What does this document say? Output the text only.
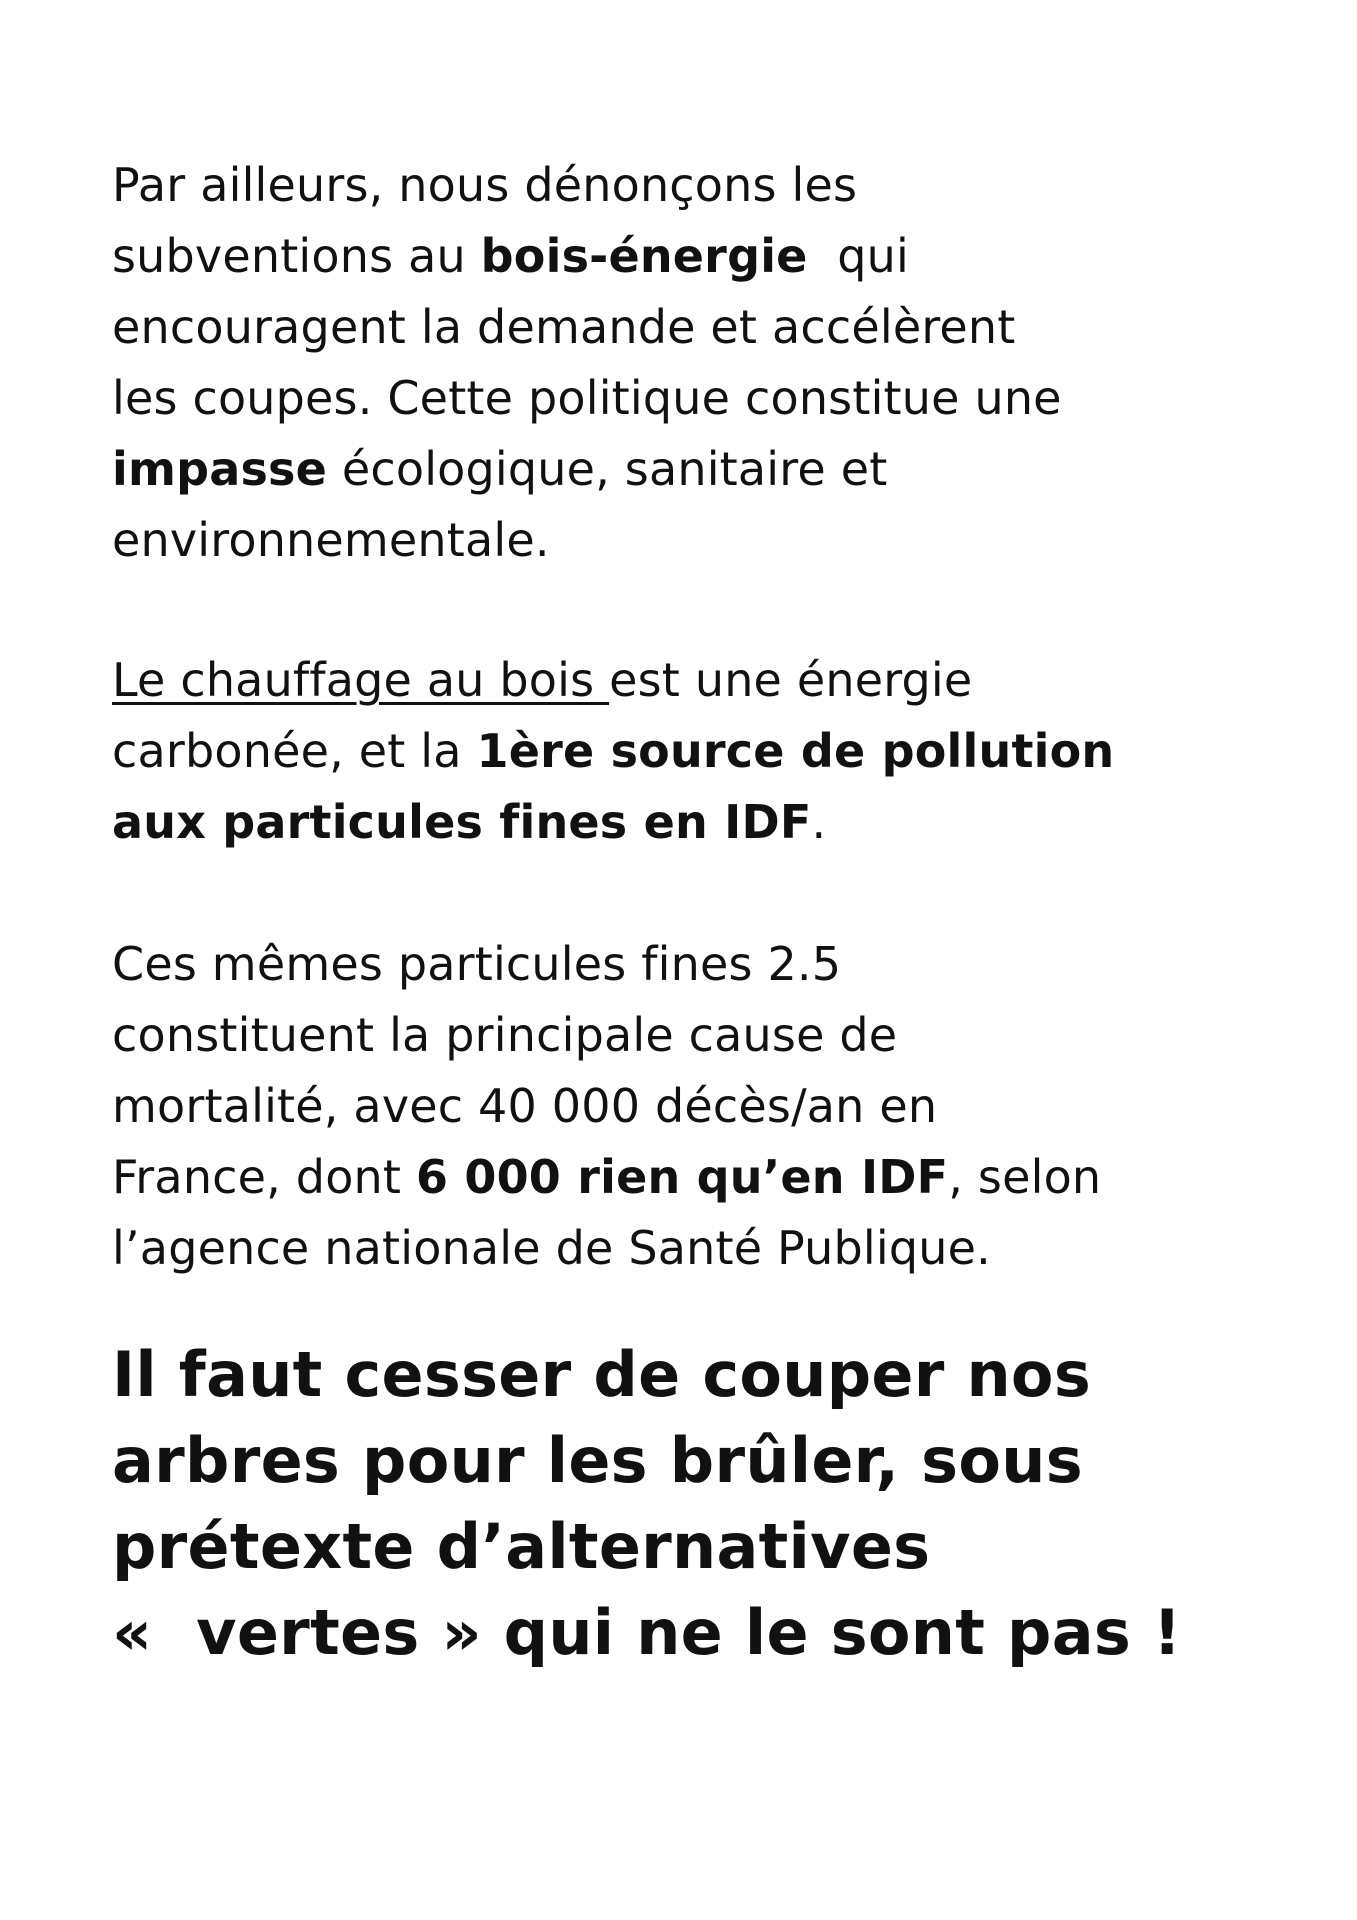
Par ailleurs, nous dénonçons les
subventions au bois-énergie  qui
encouragent la demande et accélèrent
les coupes. Cette politique constitue une
impasse écologique, sanitaire et
environnementale.

Le chauffage au bois est une énergie
carbonée, et la 1ère source de pollution
aux particules fines en IDF.

Ces mêmes particules fines 2.5
constituent la principale cause de
mortalité, avec 40 000 décès/an en
France, dont 6 000 rien qu’en IDF, selon
l’agence nationale de Santé Publique.

Il faut cesser de couper nos
arbres pour les brûler, sous
prétexte d’alternatives
«  vertes » qui ne le sont pas !
